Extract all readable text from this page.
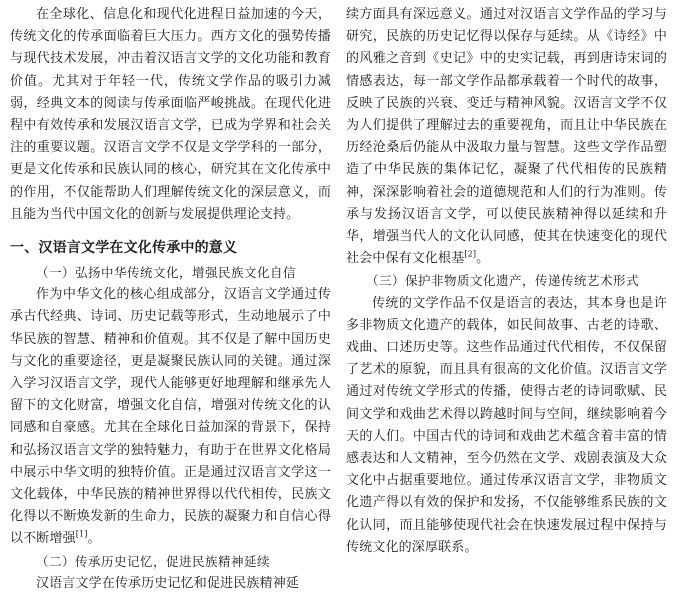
在全球化、信息化和现代化进程日益加速的今天，传统文化的传承面临着巨大压力。西方文化的强势传播与现代技术发展，冲击着汉语言文学的文化功能和教育价值。尤其对于年轻一代，传统文学作品的吸引力减弱，经典文本的阅读与传承面临严峻挑战。在现代化进程中有效传承和发展汉语言文学，已成为学界和社会关注的重要议题。汉语言文学不仅是文学学科的一部分，更是文化传承和民族认同的核心，研究其在文化传承中的作用，不仅能帮助人们理解传统文化的深层意义，而且能为当代中国文化的创新与发展提供理论支持。

一、汉语言文学在文化传承中的意义
（一）弘扬中华传统文化，增强民族文化自信

作为中华文化的核心组成部分，汉语言文学通过传承古代经典、诗词、历史记载等形式，生动地展示了中华民族的智慧、精神和价值观。其不仅是了解中国历史与文化的重要途径，更是凝聚民族认同的关键。通过深入学习汉语言文学，现代人能够更好地理解和继承先人留下的文化财富，增强文化自信，增强对传统文化的认同感和自豪感。尤其在全球化日益加深的背景下，保持和弘扬汉语言文学的独特魅力，有助于在世界文化格局中展示中华文明的独特价值。正是通过汉语言文学这一文化载体，中华民族的精神世界得以代代相传，民族文化得以不断焕发新的生命力，民族的凝聚力和自信心得以不断增强[1]。

（二）传承历史记忆，促进民族精神延续

汉语言文学在传承历史记忆和促进民族精神延

续方面具有深远意义。通过对汉语言文学作品的学习与研究，民族的历史记忆得以保存与延续。从《诗经》中的风雅之音到《史记》中的史实记载，再到唐诗宋词的情感表达，每一部文学作品都承载着一个时代的故事，反映了民族的兴衰、变迁与精神风貌。汉语言文学不仅为人们提供了理解过去的重要视角，而且让中华民族在历经沧桑后仍能从中汲取力量与智慧。这些文学作品塑造了中华民族的集体记忆，凝聚了代代相传的民族精神，深深影响着社会的道德规范和人们的行为准则。传承与发扬汉语言文学，可以使民族精神得以延续和升华，增强当代人的文化认同感，使其在快速变化的现代社会中保有文化根基[2]。

（三）保护非物质文化遗产，传递传统艺术形式

传统的文学作品不仅是语言的表达，其本身也是许多非物质文化遗产的载体，如民间故事、古老的诗歌、戏曲、口述历史等。这些作品通过代代相传，不仅保留了艺术的原貌，而且具有很高的文化价值。汉语言文学通过对传统文学形式的传播，使得古老的诗词歌赋、民间文学和戏曲艺术得以跨越时间与空间，继续影响着今天的人们。中国古代的诗词和戏曲艺术蕴含着丰富的情感表达和人文精神，至今仍然在文学、戏剧表演及大众文化中占据重要地位。通过传承汉语言文学，非物质文化遗产得以有效的保护和发扬，不仅能够维系民族的文化认同，而且能够使现代社会在快速发展过程中保持与传统文化的深厚联系。
